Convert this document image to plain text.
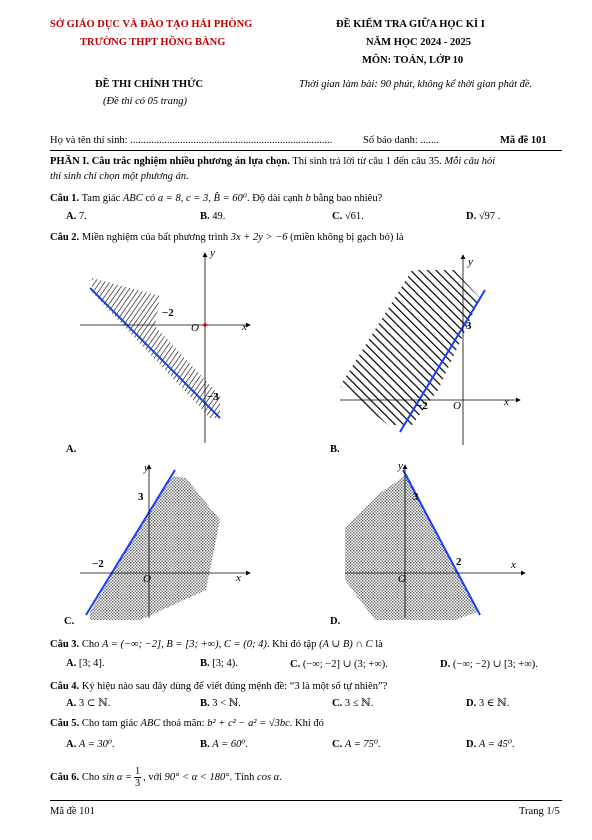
SỞ GIÁO DỤC VÀ ĐÀO TẠO HẢI PHÒNG
TRƯỜNG THPT HỒNG BÀNG
ĐỀ KIỂM TRA GIỮA HỌC KÌ I
NĂM HỌC 2024 - 2025
MÔN: TOÁN, LỚP 10
ĐỀ THI CHÍNH THỨC
(Đề thi có 05 trang)
Thời gian làm bài: 90 phút, không kể thời gian phát đề.
Họ và tên thí sinh: .............................................................................	Số báo danh: .......	Mã đề 101
PHẦN I. Câu trắc nghiệm nhiều phương án lựa chọn. Thí sinh trả lời từ câu 1 đến câu 35. Mỗi câu hỏi
thí sinh chỉ chọn một phương án.
Câu 1. Tam giác ABC có a = 8, c = 3, B̂ = 60⁰. Độ dài cạnh b bằng bao nhiêu?
A. 7.	B. 49.	C. √61.	D. √97 .
Câu 2. Miền nghiệm của bất phương trình 3x + 2y > −6 (miền không bị gạch bỏ) là
y
x
O
−2
−3
A.
y
x
O
−2
3
B.
y
x
O
−2
3
C.
y
x
O
2
3
D.
Câu 3. Cho A = (−∞; −2], B = [3; +∞), C = (0; 4). Khi đó tập (A ∪ B) ∩ C là
A. [3; 4].	B. [3; 4).	C. (−∞; −2] ∪ (3; +∞).	D. (−∞; −2) ∪ [3; +∞).
Câu 4. Ký hiệu nào sau đây dùng để viết đúng mệnh đề: “3 là một số tự nhiên”?
A. 3 ⊂ ℕ.	B. 3 < ℕ.	C. 3 ≤ ℕ.	D. 3 ∈ ℕ.
Câu 5. Cho tam giác ABC thoả mãn: b² + c² − a² = √3bc. Khi đó
A. A = 30⁰.	B. A = 60⁰.	C. A = 75⁰.	D. A = 45⁰.
Câu 6. Cho $\sin \alpha = \frac{1}{3}$ , với 90° < α < 180° . Tính cos α .
Mã đề 101	Trang 1/5
